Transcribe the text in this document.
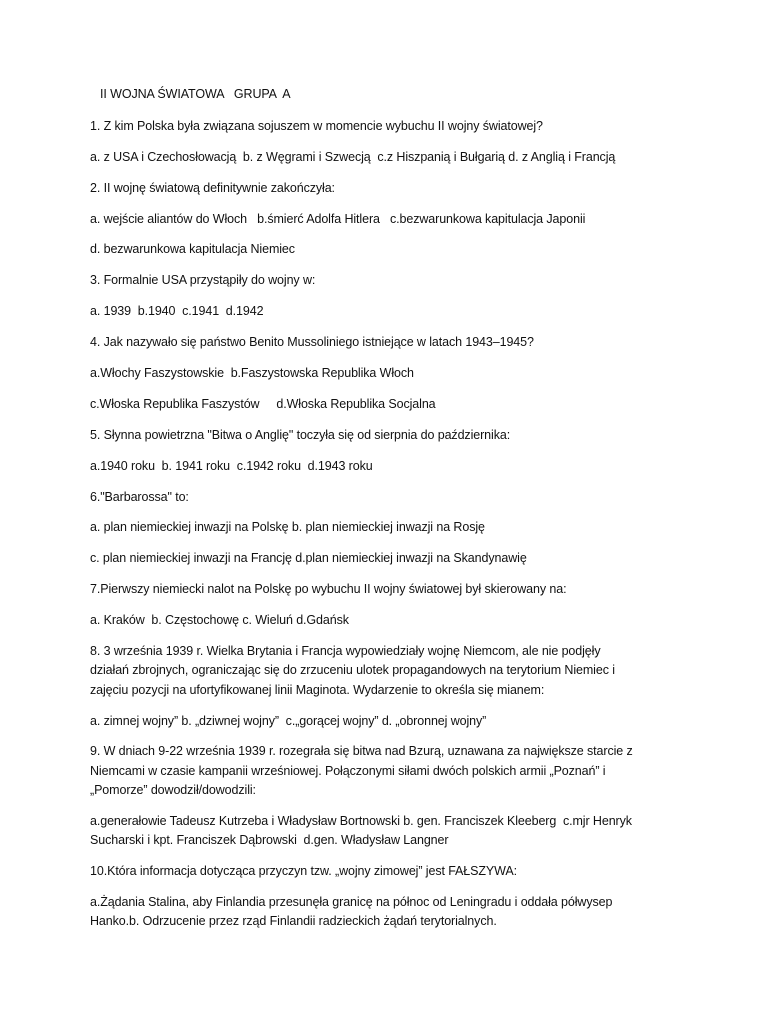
II WOJNA ŚWIATOWA   GRUPA  A
1. Z kim Polska była związana sojuszem w momencie wybuchu II wojny światowej?
a. z USA i Czechosłowacją  b. z Węgrami i Szwecją  c.z Hiszpanią i Bułgarią d. z Anglią i Francją
2. II wojnę światową definitywnie zakończyła:
a. wejście aliantów do Włoch   b.śmierć Adolfa Hitlera   c.bezwarunkowa kapitulacja Japonii
d. bezwarunkowa kapitulacja Niemiec
3. Formalnie USA przystąpiły do wojny w:
a. 1939  b.1940  c.1941  d.1942
4. Jak nazywało się państwo Benito Mussoliniego istniejące w latach 1943–1945?
a.Włochy Faszystowskie  b.Faszystowska Republika Włoch
c.Włoska Republika Faszystów     d.Włoska Republika Socjalna
5. Słynna powietrzna "Bitwa o Anglię" toczyła się od sierpnia do października:
a.1940 roku  b. 1941 roku  c.1942 roku  d.1943 roku
6."Barbarossa" to:
a. plan niemieckiej inwazji na Polskę b. plan niemieckiej inwazji na Rosję
c. plan niemieckiej inwazji na Francję d.plan niemieckiej inwazji na Skandynawię
7.Pierwszy niemiecki nalot na Polskę po wybuchu II wojny światowej był skierowany na:
a. Kraków  b. Częstochowę c. Wieluń d.Gdańsk
8. 3 września 1939 r. Wielka Brytania i Francja wypowiedziały wojnę Niemcom, ale nie podjęły
działań zbrojnych, ograniczając się do zrzuceniu ulotek propagandowych na terytorium Niemiec i
zajęciu pozycji na ufortyfikowanej linii Maginota. Wydarzenie to określa się mianem:
a. zimnej wojny” b. „dziwnej wojny”  c.„gorącej wojny” d. „obronnej wojny”
9. W dniach 9-22 września 1939 r. rozegrała się bitwa nad Bzurą, uznawana za największe starcie z
Niemcami w czasie kampanii wrześniowej. Połączonymi siłami dwóch polskich armii „Poznań” i
„Pomorze” dowodził/dowodzili:
a.generałowie Tadeusz Kutrzeba i Władysław Bortnowski b. gen. Franciszek Kleeberg  c.mjr Henryk
Sucharski i kpt. Franciszek Dąbrowski  d.gen. Władysław Langner
10.Która informacja dotycząca przyczyn tzw. „wojny zimowej” jest FAŁSZYWA:
a.Żądania Stalina, aby Finlandia przesunęła granicę na północ od Leningradu i oddała półwysep
Hanko.b. Odrzucenie przez rząd Finlandii radzieckich żądań terytorialnych.
